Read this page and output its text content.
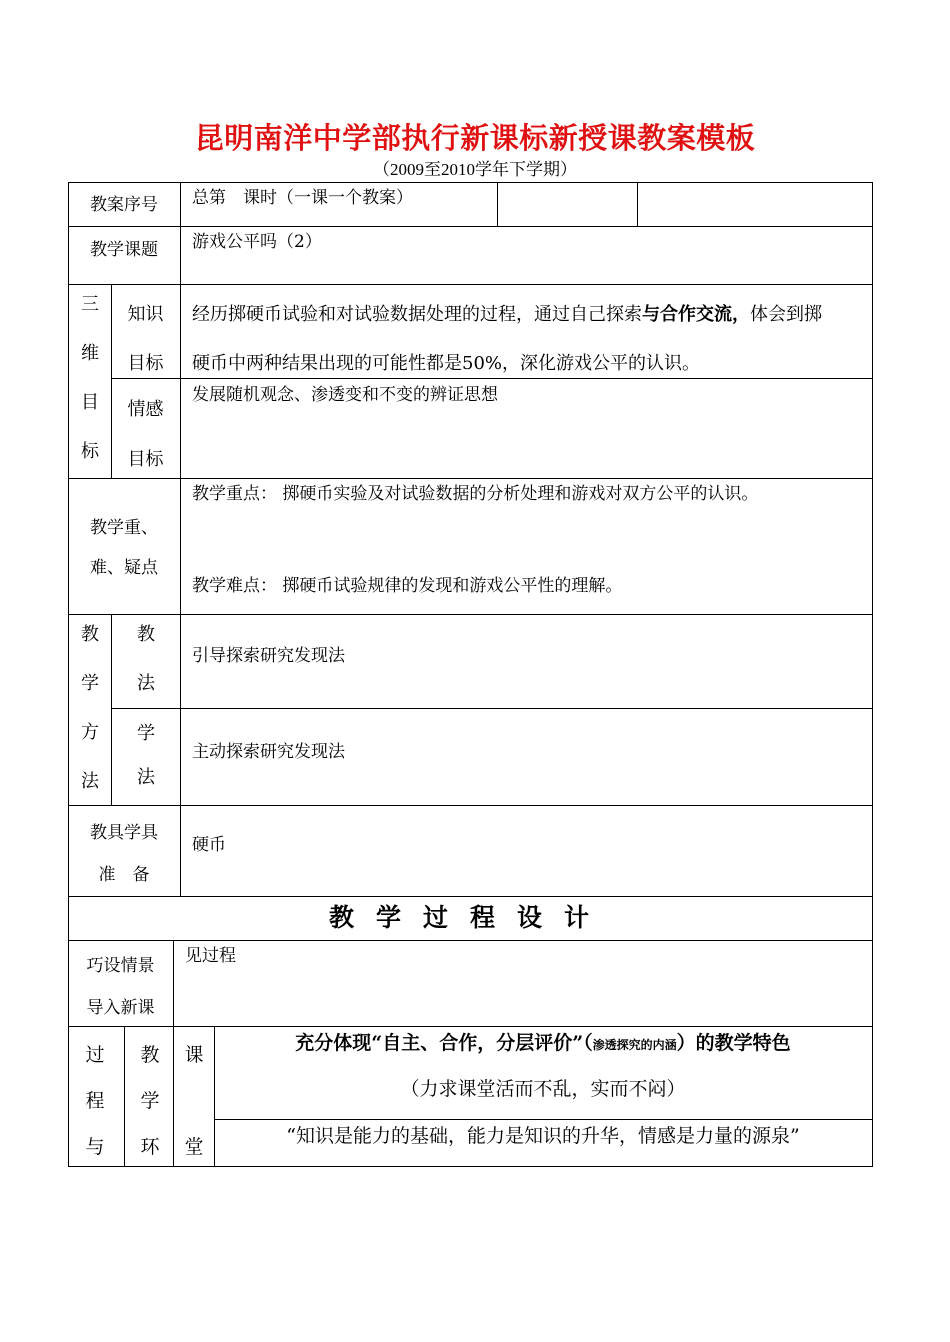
昆明南洋中学部执行新课标新授课教案模板
（2009至2010学年下学期）
教案序号	总第　课时（一课一个教案）
教学课题	游戏公平吗（2）
三
维
目
标
知识
目标
经历掷硬币试验和对试验数据处理的过程，通过自己探索与合作交流，体会到掷
硬币中两种结果出现的可能性都是50%，深化游戏公平的认识。
情感
目标
发展随机观念、渗透变和不变的辨证思想
教学重、
难、疑点
教学重点： 掷硬币实验及对试验数据的分析处理和游戏对双方公平的认识。
教学难点： 掷硬币试验规律的发现和游戏公平性的理解。
教
学
方
法
教
法
引导探索研究发现法
学
法
主动探索研究发现法
教具学具
准　备
硬币
教学过程设计
巧设情景
导入新课
见过程
过
程
与
教
学
环
课
堂
充分体现“自主、合作，分层评价”（渗透探究的内涵）的教学特色
（力求课堂活而不乱，实而不闷）
“知识是能力的基础，能力是知识的升华，情感是力量的源泉”
